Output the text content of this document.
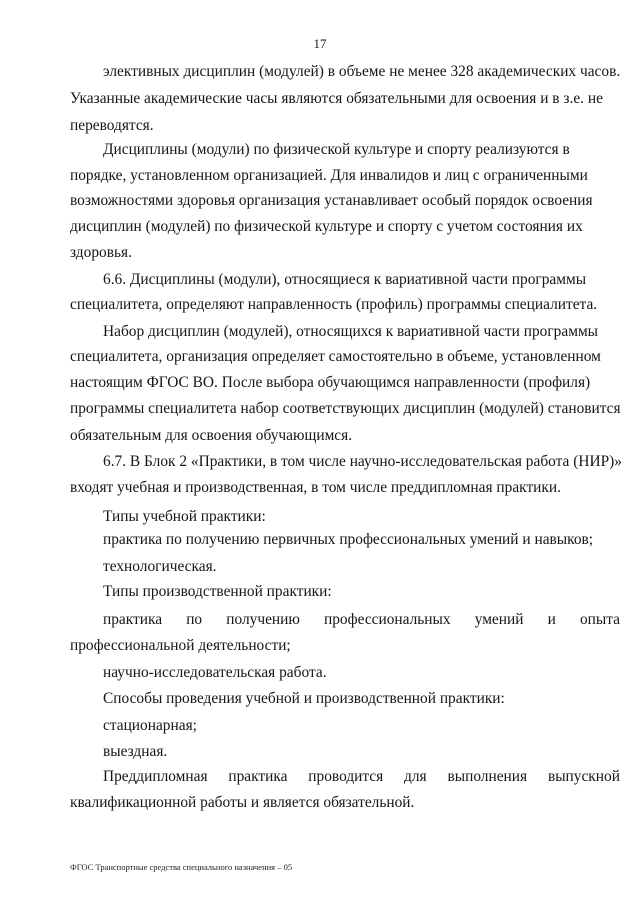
17

элективных дисциплин (модулей) в объеме не менее 328 академических часов.

Указанные академические часы являются обязательными для освоения и в з.е. не

переводятся.

Дисциплины (модули) по физической культуре и спорту реализуются в

порядке, установленном организацией. Для инвалидов и лиц с ограниченными

возможностями здоровья организация устанавливает особый порядок освоения

дисциплин (модулей) по физической культуре и спорту с учетом состояния их

здоровья.

6.6. Дисциплины (модули), относящиеся к вариативной части программы

специалитета, определяют направленность (профиль) программы специалитета.

Набор дисциплин (модулей), относящихся к вариативной части программы

специалитета, организация определяет самостоятельно в объеме, установленном

настоящим ФГОС ВО. После выбора обучающимся направленности (профиля)

программы специалитета набор соответствующих дисциплин (модулей) становится

обязательным для освоения обучающимся.

6.7. В Блок 2 «Практики, в том числе научно-исследовательская работа (НИР)»

входят учебная и производственная, в том числе преддипломная практики.

Типы учебной практики:

практика по получению первичных профессиональных умений и навыков;

технологическая.

Типы производственной практики:

практика по получению профессиональных умений и опыта

профессиональной деятельности;

научно-исследовательская работа.

Способы проведения учебной и производственной практики:

стационарная;

выездная.

Преддипломная практика проводится для выполнения выпускной

квалификационной работы и является обязательной.

ФГОС Транспортные средства специального назначения – 05
